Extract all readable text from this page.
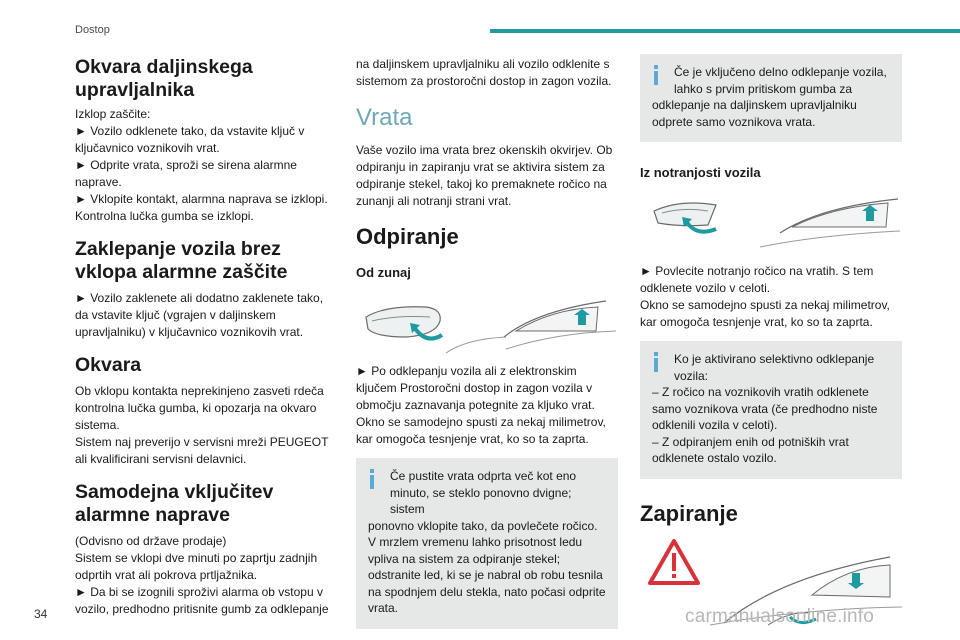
Dostop
Okvara daljinskega upravljalnika

Izklop zaščite:
► Vozilo odklenete tako, da vstavite ključ v ključavnico voznikovih vrat.
► Odprite vrata, sproži se sirena alarmne naprave.
► Vklopite kontakt, alarmna naprava se izklopi. Kontrolna lučka gumba se izklopi.

Zaklepanje vozila brez vklopa alarmne zaščite

► Vozilo zaklenete ali dodatno zaklenete tako, da vstavite ključ (vgrajen v daljinskem upravljalniku) v ključavnico voznikovih vrat.

Okvara

Ob vklopu kontakta neprekinjeno zasveti rdeča kontrolna lučka gumba, ki opozarja na okvaro sistema.
Sistem naj preverijo v servisni mreži PEUGEOT ali kvalificirani servisni delavnici.

Samodejna vključitev alarmne naprave

(Odvisno od države prodaje)
Sistem se vklopi dve minuti po zaprtju zadnjih odprtih vrat ali pokrova prtljažnika.
► Da bi se izognili sproživi alarma ob vstopu v vozilo, predhodno pritisnite gumb za odklepanje

na daljinskem upravljalniku ali vozilo odklenite s sistemom za prostoročni dostop in zagon vozila.

Vrata

Vaše vozilo ima vrata brez okenskih okvirjev. Ob odpiranju in zapiranju vrat se aktivira sistem za odpiranje stekel, takoj ko premaknete ročico na zunanji ali notranji strani vrat.

Odpiranje
Od zunaj

► Po odklepanju vozila ali z elektronskim ključem Prostoročni dostop in zagon vozila v območju zaznavanja potegnite za kljuko vrat.
Okno se samodejno spusti za nekaj milimetrov, kar omogoča tesnjenje vrat, ko so ta zaprta.

Če pustite vrata odprta več kot eno minuto, se steklo ponovno dvigne; sistem

ponovno vklopite tako, da povlečete ročico.
V mrzlem vremenu lahko prisotnost ledu vpliva na sistem za odpiranje stekel; odstranite led, ki se je nabral ob robu tesnila na spodnjem delu stekla, nato počasi odprite vrata.

Če je vključeno delno odklepanje vozila, lahko s prvim pritiskom gumba za

odklepanje na daljinskem upravljalniku odprete samo voznikova vrata.

Iz notranjosti vozila

► Povlecite notranjo ročico na vratih. S tem odklenete vozilo v celoti.
Okno se samodejno spusti za nekaj milimetrov, kar omogoča tesnjenje vrat, ko so ta zaprta.

Ko je aktivirano selektivno odklepanje vozila:

– Z ročico na voznikovih vratih odklenete samo voznikova vrata (če predhodno niste odklenili vozila v celoti).
– Z odpiranjem enih od potniških vrat odklenete ostalo vozilo.

Zapiranje
34	carmanualsonline.info
